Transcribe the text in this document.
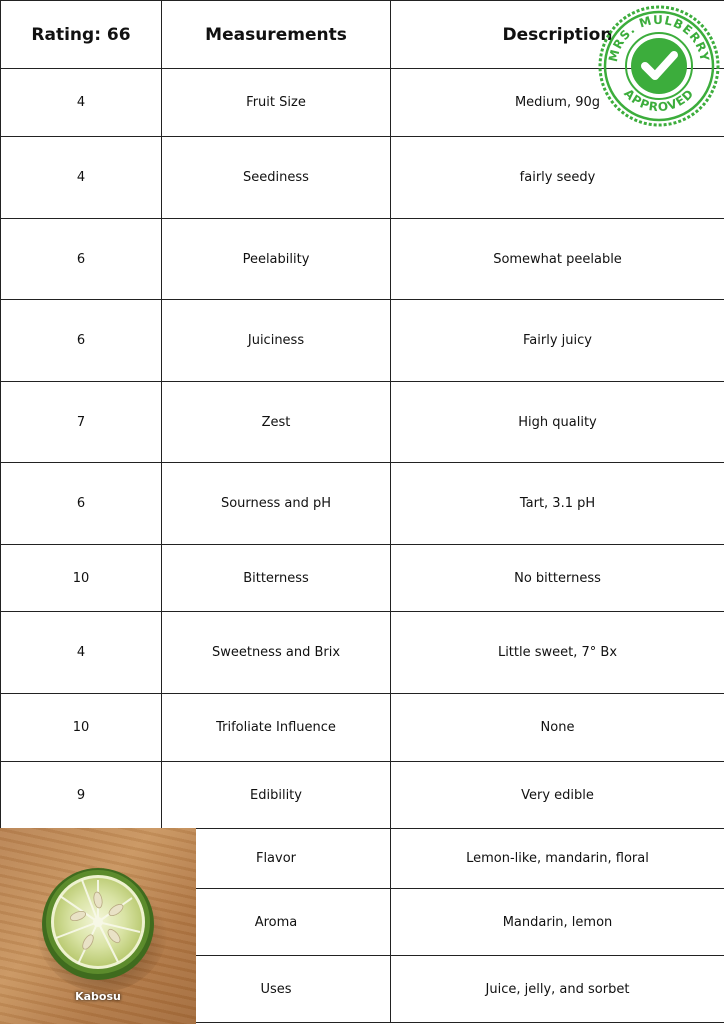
Rating: 66	Measurements	Description
4	Fruit Size	Medium, 90g
4	Seediness	fairly seedy
6	Peelability	Somewhat peelable
6	Juiciness	Fairly juicy
7	Zest	High quality
6	Sourness and pH	Tart, 3.1 pH
10	Bitterness	No bitterness
4	Sweetness and Brix	Little sweet, 7° Bx
10	Trifoliate Influence	None
9	Edibility	Very edible
	Flavor	Lemon-like, mandarin, floral
	Aroma	Mandarin, lemon
	Uses	Juice, jelly, and sorbet
Kabosu
MRS. MULBERRY
APPROVED
